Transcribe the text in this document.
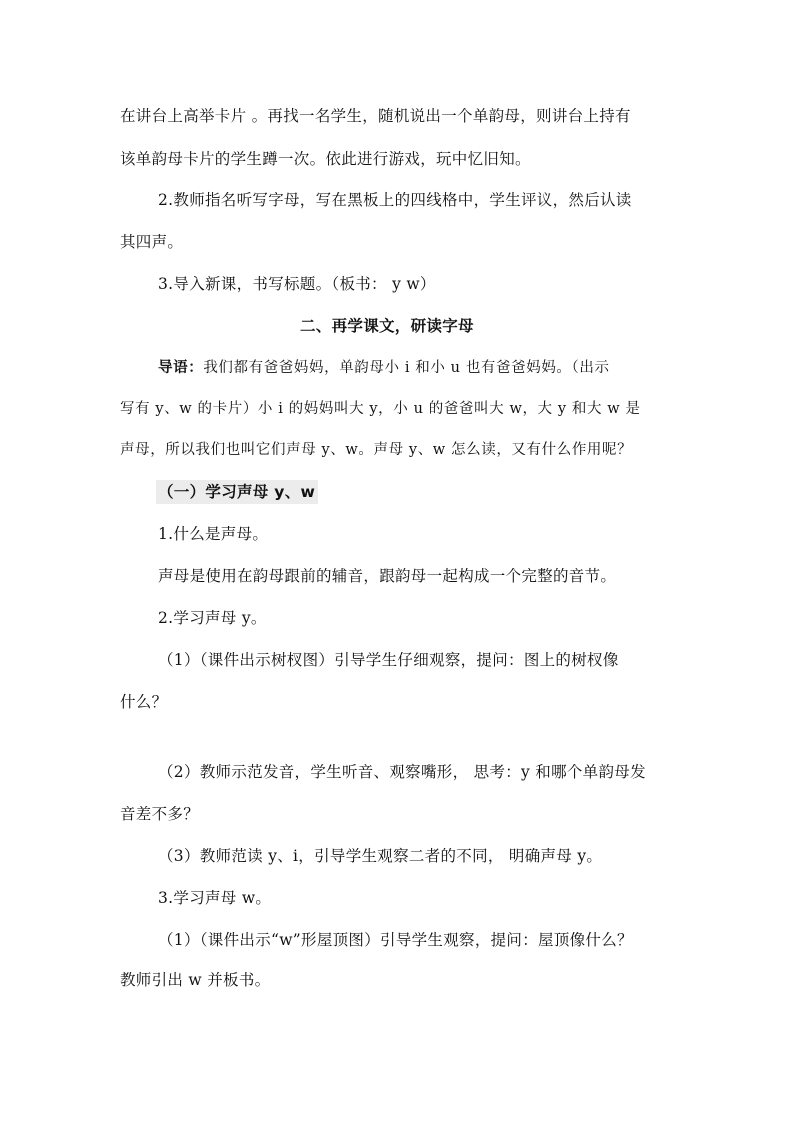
在讲台上高举卡片 。再找一名学生，随机说出一个单韵母，则讲台上持有
该单韵母卡片的学生蹲一次。依此进行游戏，玩中忆旧知。
2.教师指名听写字母，写在黑板上的四线格中，学生评议，然后认读
其四声。
3.导入新课，书写标题。（板书： y w）
二、再学课文，研读字母
导语：我们都有爸爸妈妈，单韵母小 i 和小 u 也有爸爸妈妈。（出示
写有 y、w 的卡片）小 i 的妈妈叫大 y，小 u 的爸爸叫大 w，大 y 和大 w 是
声母，所以我们也叫它们声母 y、w。声母 y、w 怎么读，又有什么作用呢？
（一）学习声母 y、w
1.什么是声母。
声母是使用在韵母跟前的辅音，跟韵母一起构成一个完整的音节。
2.学习声母 y。
（1）（课件出示树杈图）引导学生仔细观察，提问：图上的树杈像
什么？
（2）教师示范发音，学生听音、观察嘴形， 思考：y 和哪个单韵母发
音差不多？
（3）教师范读 y、i，引导学生观察二者的不同， 明确声母 y。
3.学习声母 w。
（1）（课件出示“w”形屋顶图）引导学生观察，提问：屋顶像什么？
教师引出 w 并板书。
